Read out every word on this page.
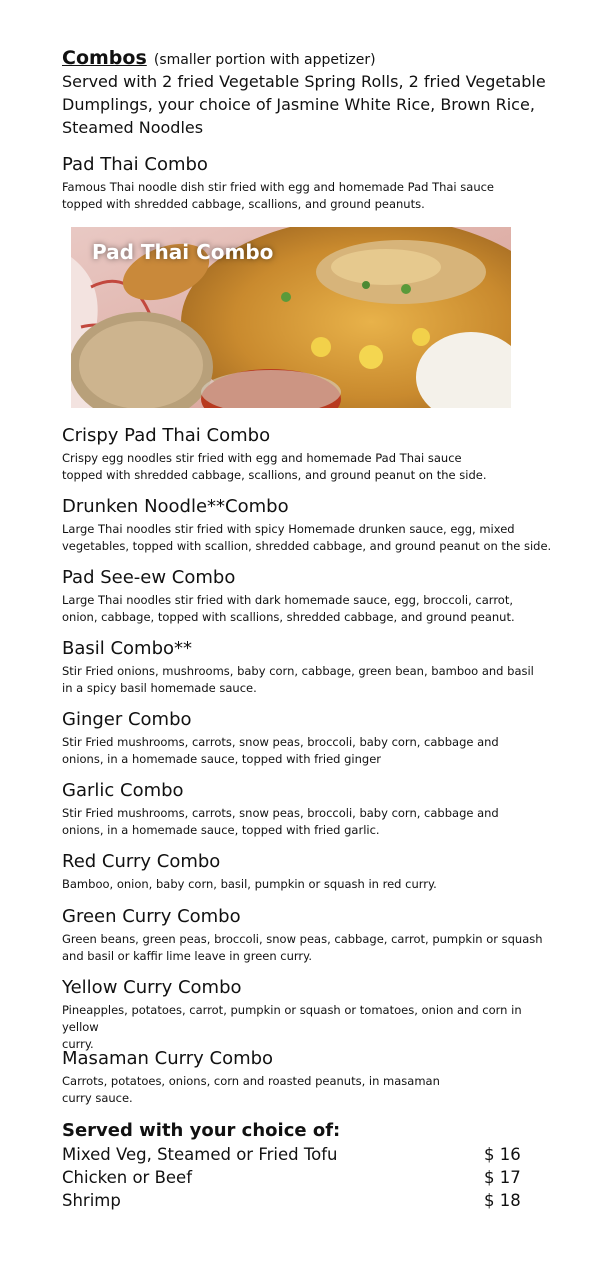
Combos (smaller portion with appetizer)
Served with 2 fried Vegetable Spring Rolls, 2 fried Vegetable Dumplings, your choice of Jasmine White Rice, Brown Rice, Steamed Noodles
Pad Thai Combo
Famous Thai noodle dish stir fried with egg and homemade Pad Thai sauce
topped with shredded cabbage, scallions, and ground peanuts.
Pad Thai Combo
Crispy Pad Thai Combo
Crispy egg noodles stir fried with egg and homemade Pad Thai sauce
topped with shredded cabbage, scallions, and ground peanut on the side.
Drunken Noodle**Combo
Large Thai noodles stir fried with spicy Homemade drunken sauce, egg, mixed
vegetables, topped with scallion, shredded cabbage, and ground peanut on the side.
Pad See-ew Combo
Large Thai noodles stir fried with dark homemade sauce, egg, broccoli, carrot,
onion, cabbage, topped with scallions, shredded cabbage, and ground peanut.
Basil Combo**
Stir Fried onions, mushrooms, baby corn, cabbage, green bean, bamboo and basil
in a spicy basil homemade sauce.
Ginger Combo
Stir Fried mushrooms, carrots, snow peas, broccoli, baby corn, cabbage and
onions, in a homemade sauce, topped with fried ginger
Garlic Combo
Stir Fried mushrooms, carrots, snow peas, broccoli, baby corn, cabbage and
onions, in a homemade sauce, topped with fried garlic.
Red Curry Combo
Bamboo, onion, baby corn, basil, pumpkin or squash in red curry.
Green Curry Combo
Green beans, green peas, broccoli, snow peas, cabbage, carrot, pumpkin or squash
and basil or kaffir lime leave in green curry.
Yellow Curry Combo
Pineapples, potatoes, carrot, pumpkin or squash or tomatoes, onion and corn in yellow
curry.
Masaman Curry Combo
Carrots, potatoes, onions, corn and roasted peanuts, in masaman
curry sauce.
Served with your choice of:
Mixed Veg, Steamed or Fried Tofu	$ 16
Chicken or Beef	$ 17
Shrimp	$ 18
